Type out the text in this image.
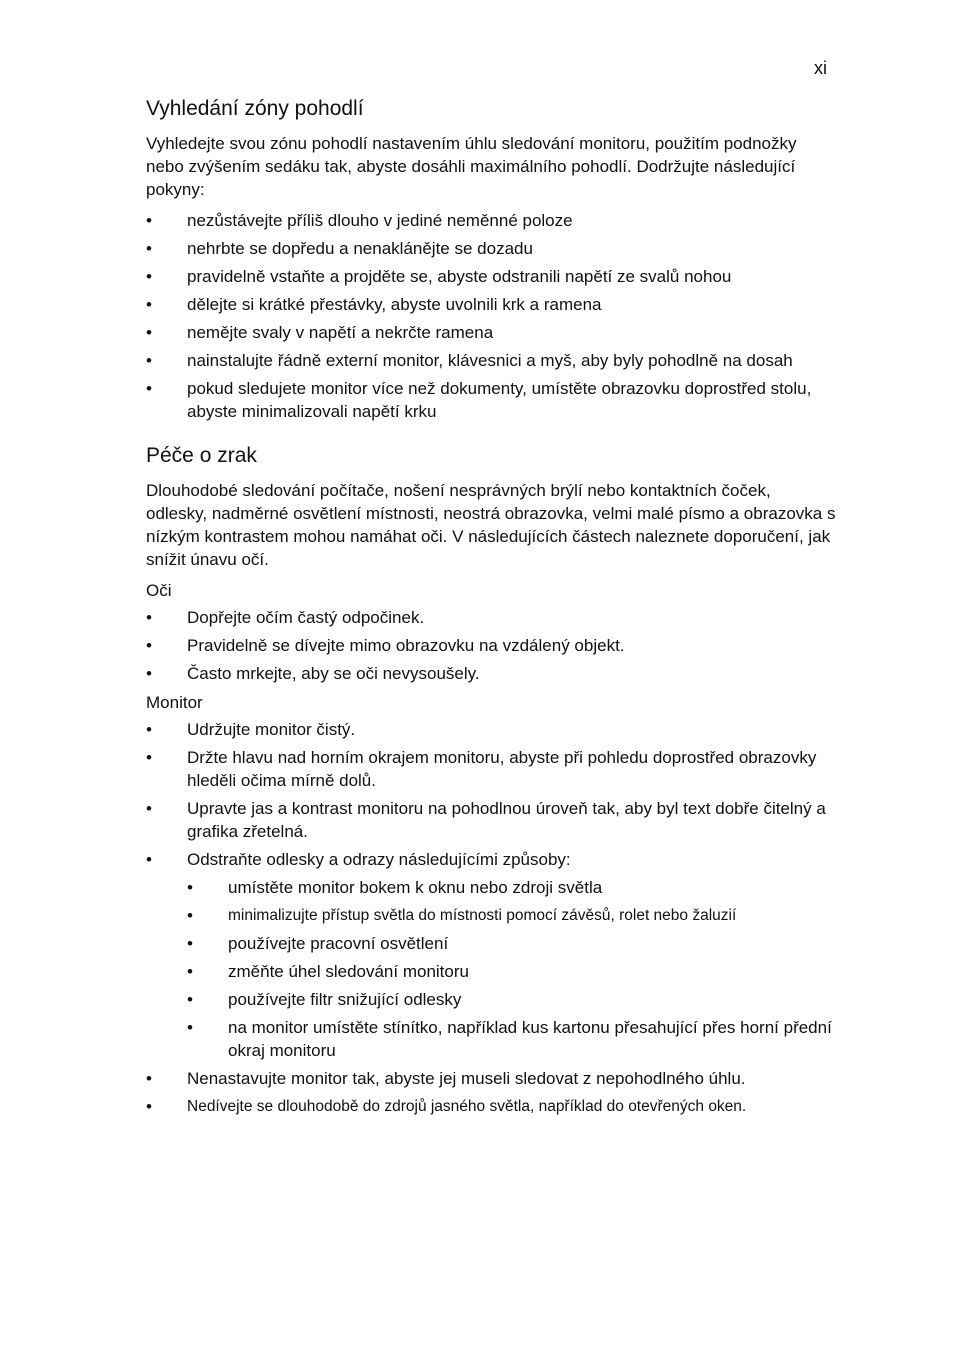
xi
Vyhledání zóny pohodlí

Vyhledejte svou zónu pohodlí nastavením úhlu sledování monitoru, použitím podnožky nebo zvýšením sedáku tak, abyste dosáhli maximálního pohodlí. Dodržujte následující pokyny:

• nezůstávejte příliš dlouho v jediné neměnné poloze
• nehrbte se dopředu a nenaklánějte se dozadu
• pravidelně vstaňte a projděte se, abyste odstranili napětí ze svalů nohou
• dělejte si krátké přestávky, abyste uvolnili krk a ramena
• nemějte svaly v napětí a nekrčte ramena
• nainstalujte řádně externí monitor, klávesnici a myš, aby byly pohodlně na dosah
• pokud sledujete monitor více než dokumenty, umístěte obrazovku doprostřed stolu, abyste minimalizovali napětí krku
Péče o zrak

Dlouhodobé sledování počítače, nošení nesprávných brýlí nebo kontaktních čoček, odlesky, nadměrné osvětlení místnosti, neostrá obrazovka, velmi malé písmo a obrazovka s nízkým kontrastem mohou namáhat oči. V následujících částech naleznete doporučení, jak snížit únavu očí.

Oči

• Dopřejte očím častý odpočinek.
• Pravidelně se dívejte mimo obrazovku na vzdálený objekt.
• Často mrkejte, aby se oči nevysoušely.

Monitor

• Udržujte monitor čistý.
• Držte hlavu nad horním okrajem monitoru, abyste při pohledu doprostřed obrazovky hleděli očima mírně dolů.
• Upravte jas a kontrast monitoru na pohodlnou úroveň tak, aby byl text dobře čitelný a grafika zřetelná.
• Odstraňte odlesky a odrazy následujícími způsoby:
• umístěte monitor bokem k oknu nebo zdroji světla
• minimalizujte přístup světla do místnosti pomocí závěsů, rolet nebo žaluzií
• používejte pracovní osvětlení
• změňte úhel sledování monitoru
• používejte filtr snižující odlesky
• na monitor umístěte stínítko, například kus kartonu přesahující přes horní přední okraj monitoru
• Nenastavujte monitor tak, abyste jej museli sledovat z nepohodlného úhlu.
• Nedívejte se dlouhodobě do zdrojů jasného světla, například do otevřených oken.
